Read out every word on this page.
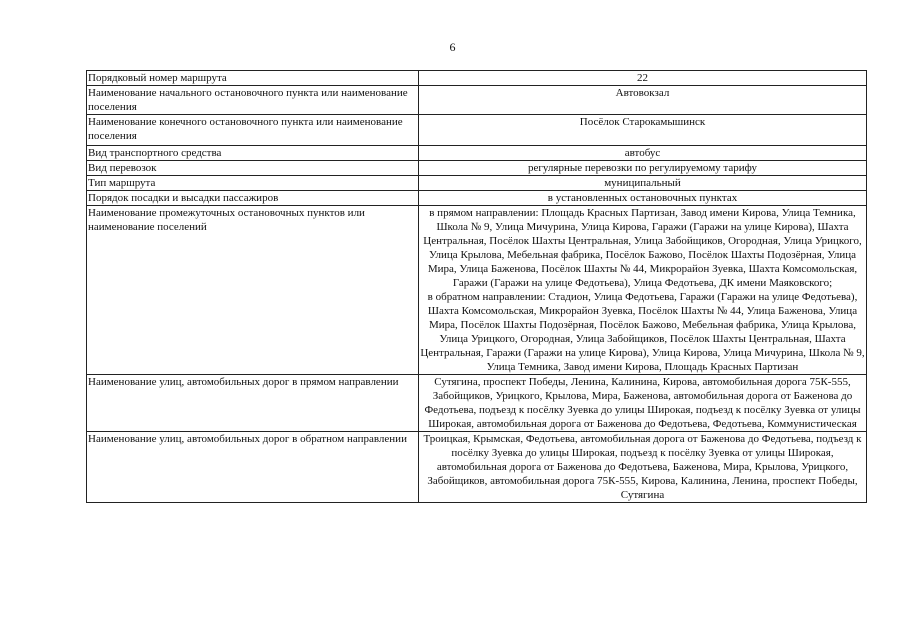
6
Порядковый номер маршрута	22
Наименование начального остановочного пункта или наименование поселения	Автовокзал
Наименование конечного остановочного пункта или наименование поселения	Посёлок Старокамышинск
Вид транспортного средства	автобус
Вид перевозок	регулярные перевозки по регулируемому тарифу
Тип маршрута	муниципальный
Порядок посадки и высадки пассажиров	в установленных остановочных пунктах
Наименование промежуточных остановочных пунктов или наименование поселений	в прямом направлении: Площадь Красных Партизан, Завод имени Кирова, Улица Темника, Школа № 9, Улица Мичурина, Улица Кирова, Гаражи (Гаражи на улице Кирова), Шахта Центральная, Посёлок Шахты Центральная, Улица Забойщиков, Огородная, Улица Урицкого, Улица Крылова, Мебельная фабрика, Посёлок Бажово, Посёлок Шахты Подозёрная, Улица Мира, Улица Баженова, Посёлок Шахты № 44, Микрорайон Зуевка, Шахта Комсомольская, Гаражи (Гаражи на улице Федотьева), Улица Федотьева, ДК имени Маяковского;
в обратном направлении: Стадион, Улица Федотьева, Гаражи (Гаражи на улице Федотьева), Шахта Комсомольская, Микрорайон Зуевка, Посёлок Шахты № 44, Улица Баженова, Улица Мира, Посёлок Шахты Подозёрная, Посёлок Бажово, Мебельная фабрика, Улица Крылова, Улица Урицкого, Огородная, Улица Забойщиков, Посёлок Шахты Центральная, Шахта Центральная, Гаражи (Гаражи на улице Кирова), Улица Кирова, Улица Мичурина, Школа № 9, Улица Темника, Завод имени Кирова, Площадь Красных Партизан

Наименование улиц, автомобильных дорог в прямом направлении	Сутягина, проспект Победы, Ленина, Калинина, Кирова, автомобильная дорога 75К-555, Забойщиков, Урицкого, Крылова, Мира, Баженова, автомобильная дорога от Баженова до Федотьева, подъезд к посёлку Зуевка до улицы Широкая, подъезд к посёлку Зуевка от улицы Широкая, автомобильная дорога от Баженова до Федотьева, Федотьева, Коммунистическая
Наименование улиц, автомобильных дорог в обратном направлении	Троицкая, Крымская, Федотьева, автомобильная дорога от Баженова до Федотьева, подъезд к посёлку Зуевка до улицы Широкая, подъезд к посёлку Зуевка от улицы Широкая, автомобильная дорога от Баженова до Федотьева, Баженова, Мира, Крылова, Урицкого, Забойщиков, автомобильная дорога 75К-555, Кирова, Калинина, Ленина, проспект Победы, Сутягина
